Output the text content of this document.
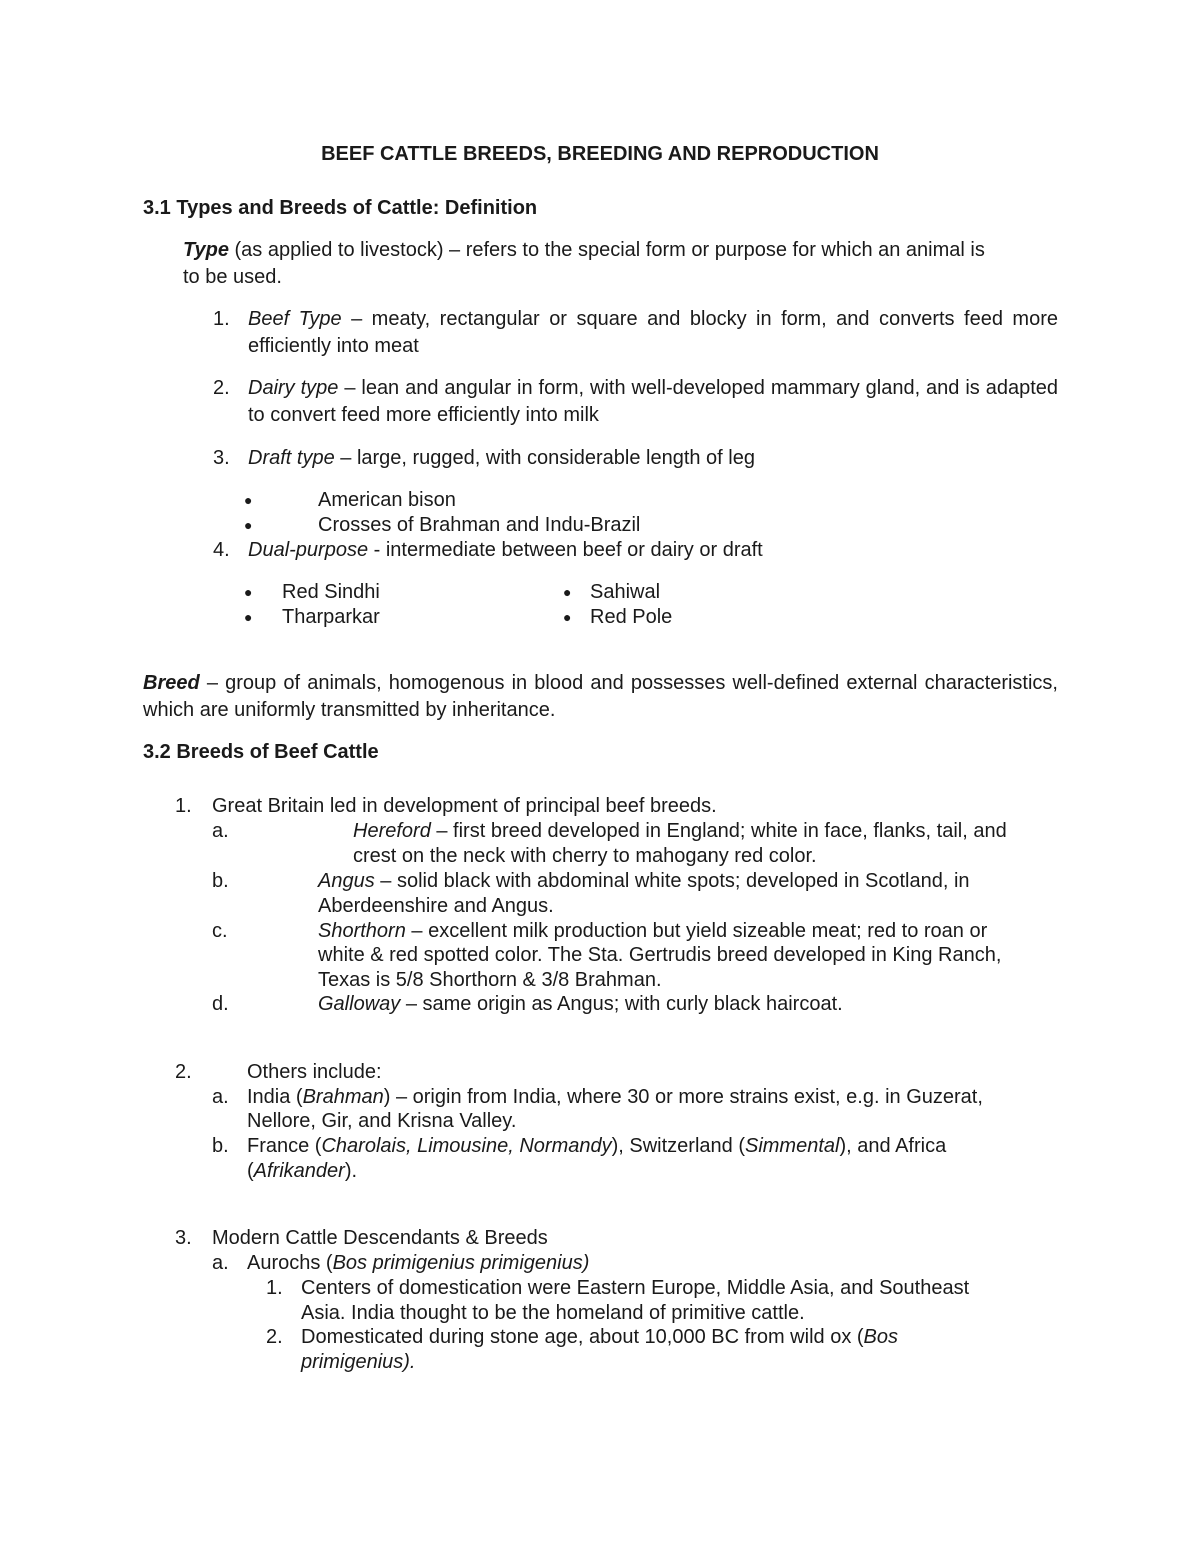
BEEF CATTLE BREEDS, BREEDING AND REPRODUCTION
3.1 Types and Breeds of Cattle: Definition
Type (as applied to livestock) – refers to the special form or purpose for which an animal is
to be used.
1. Beef Type – meaty, rectangular or square and blocky in form, and converts feed more efficiently into meat
2. Dairy type – lean and angular in form, with well-developed mammary gland, and is adapted to convert feed more efficiently into milk
3. Draft type – large, rugged, with considerable length of leg
●	American bison
●	Crosses of Brahman and Indu-Brazil
4. Dual-purpose - intermediate between beef or dairy or draft
● Red Sindhi
● Tharparkar
● Sahiwal
● Red Pole
Breed – group of animals, homogenous in blood and possesses well-defined external characteristics, which are uniformly transmitted by inheritance.
3.2 Breeds of Beef Cattle
1. Great Britain led in development of principal beef breeds.
a.	Hereford – first breed developed in England; white in face, flanks, tail, and
crest on the neck with cherry to mahogany red color.
b.	Angus – solid black with abdominal white spots; developed in Scotland, in
Aberdeenshire and Angus.
c.	Shorthorn – excellent milk production but yield sizeable meat; red to roan or
white & red spotted color. The Sta. Gertrudis breed developed in King Ranch,
Texas is 5/8 Shorthorn & 3/8 Brahman.
d.	Galloway – same origin as Angus; with curly black haircoat.
2.	Others include:
a. India (Brahman) – origin from India, where 30 or more strains exist, e.g. in Guzerat,
Nellore, Gir, and Krisna Valley.
b. France (Charolais, Limousine, Normandy), Switzerland (Simmental), and Africa
(Afrikander).
3. Modern Cattle Descendants & Breeds
a. Aurochs (Bos primigenius primigenius)
1. Centers of domestication were Eastern Europe, Middle Asia, and Southeast
Asia. India thought to be the homeland of primitive cattle.
2. Domesticated during stone age, about 10,000 BC from wild ox (Bos
primigenius).
